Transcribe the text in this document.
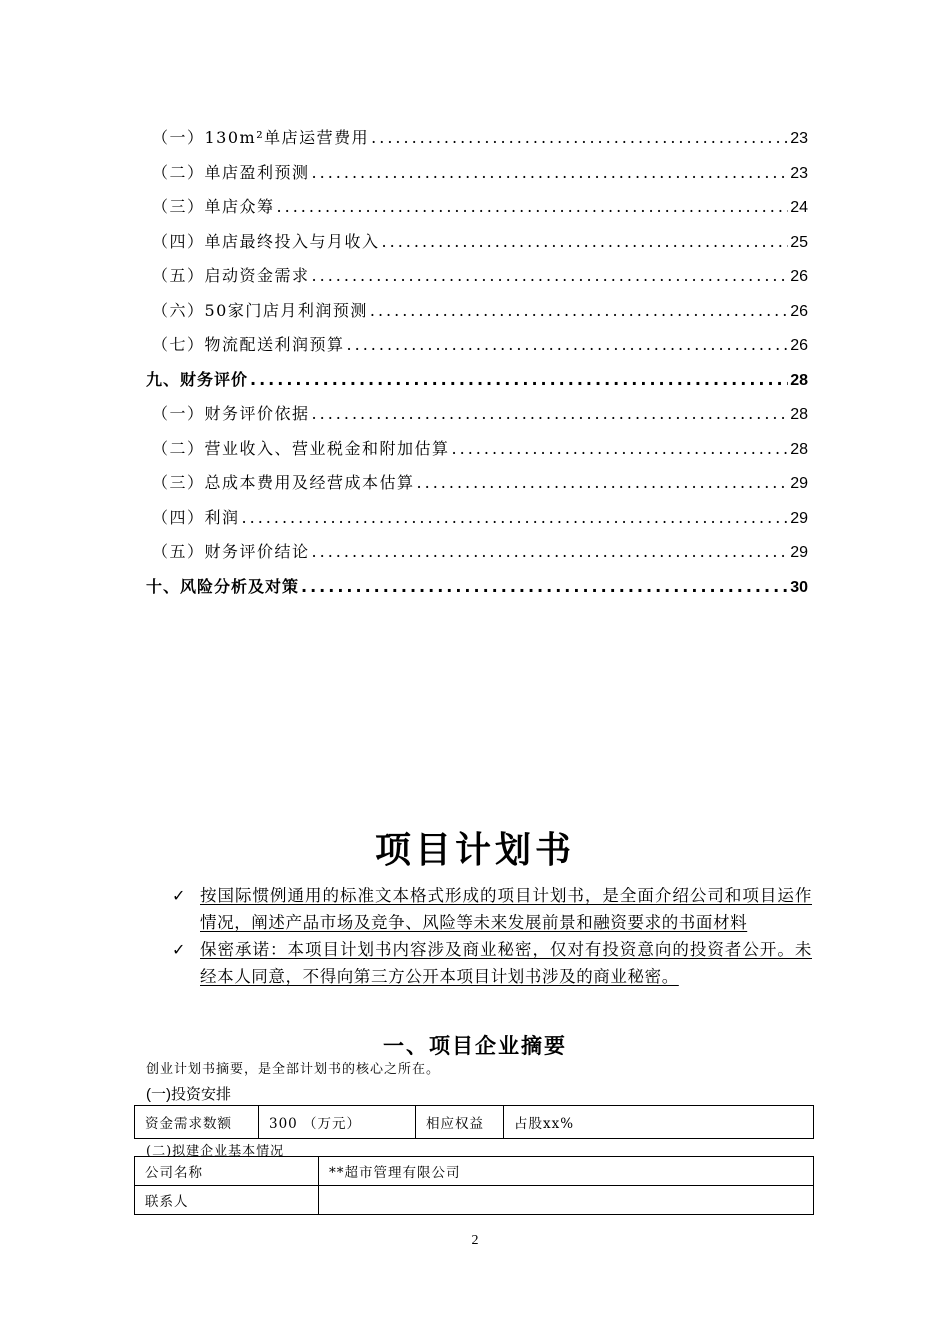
（一）130m²单店运营费用 .....	23
（二）单店盈利预测 .....	23
（三）单店众筹 .....	24
（四）单店最终投入与月收入 .....	25
（五）启动资金需求 .....	26
（六）50家门店月利润预测 .....	26
（七）物流配送利润预算 .....	26
九、财务评价 .....	28
（一）财务评价依据 .....	28
（二）营业收入、营业税金和附加估算 .....	28
（三）总成本费用及经营成本估算 .....	29
（四）利润 .....	29
（五）财务评价结论 .....	29
十、风险分析及对策 .....	30
项目计划书
✓ 按国际惯例通用的标准文本格式形成的项目计划书，是全面介绍公司和项目运作情况，阐述产品市场及竞争、风险等未来发展前景和融资要求的书面材料
✓ 保密承诺：本项目计划书内容涉及商业秘密，仅对有投资意向的投资者公开。未经本人同意，不得向第三方公开本项目计划书涉及的商业秘密。
一、项目企业摘要
创业计划书摘要，是全部计划书的核心之所在。
(一)投资安排
资金需求数额	300 （万元）	相应权益	占股xx%
(二)拟建企业基本情况
公司名称	**超市管理有限公司
联系人	
2
